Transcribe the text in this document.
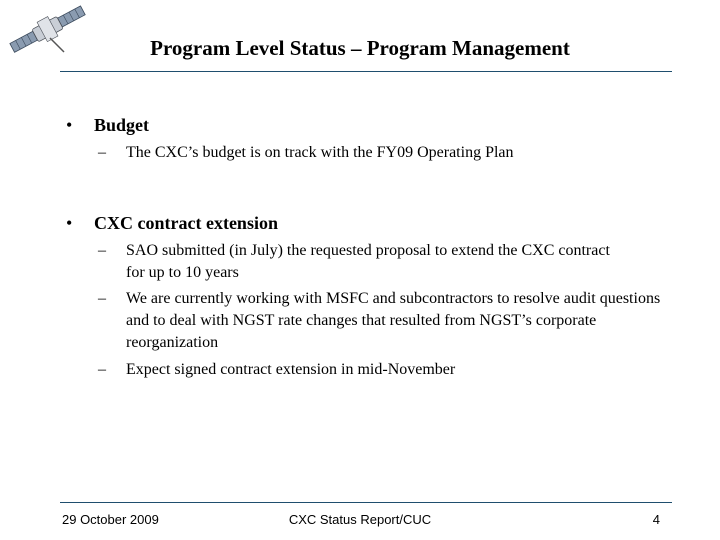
Program Level Status – Program Management
• Budget
– The CXC’s budget is on track with the FY09 Operating Plan
• CXC contract extension
– SAO submitted (in July) the requested proposal to extend the CXC contract for up to 10 years
– We are currently working with MSFC and subcontractors to resolve audit questions and to deal with NGST rate changes that resulted from NGST’s corporate reorganization
– Expect signed contract extension in mid-November
29 October 2009	CXC Status Report/CUC	4
